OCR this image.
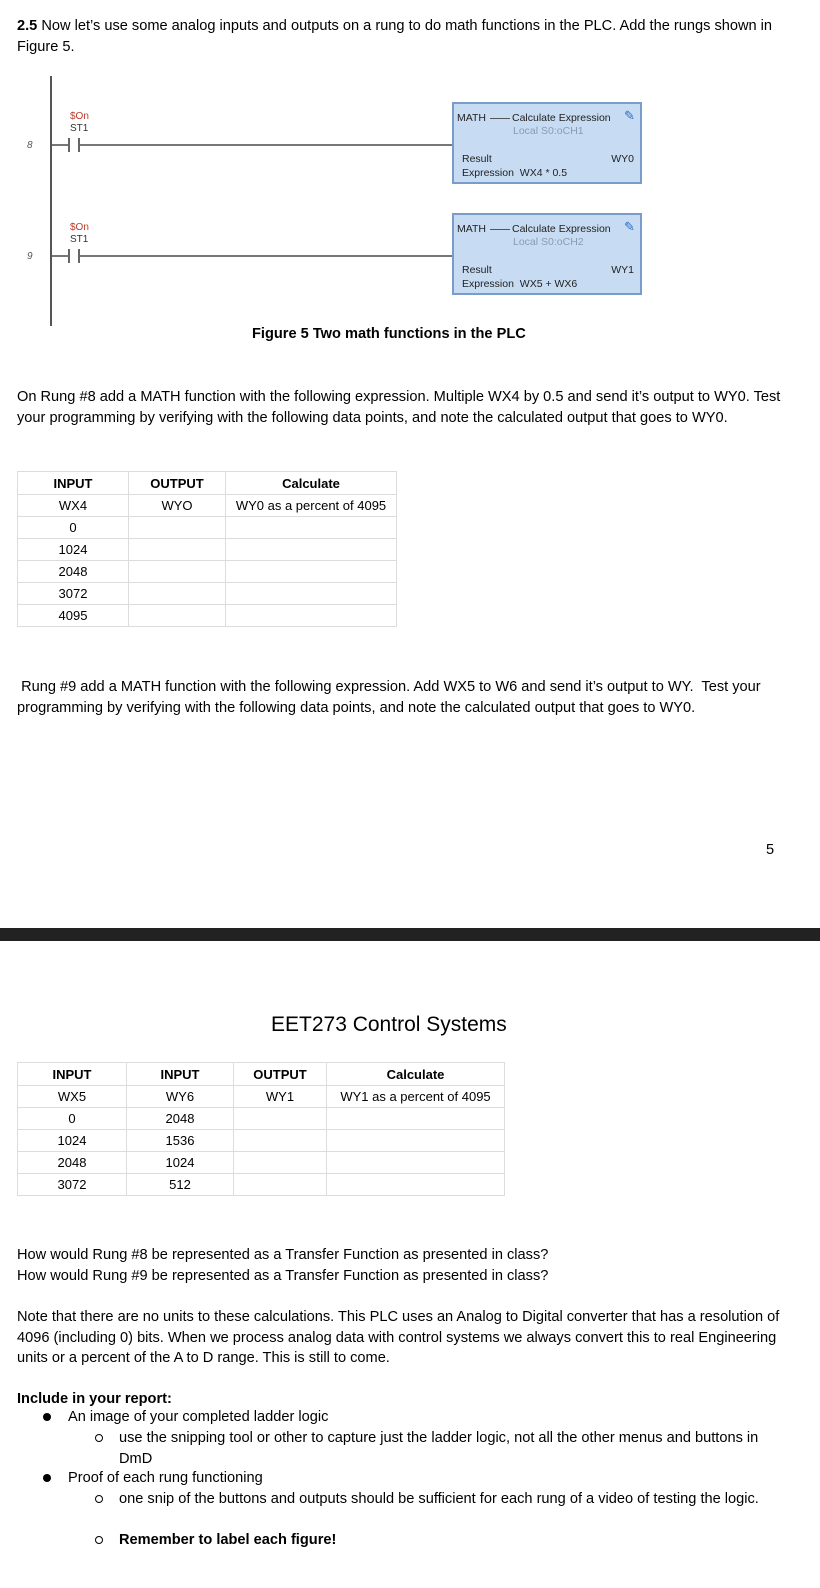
2.5 Now let’s use some analog inputs and outputs on a rung to do math functions in the PLC. Add the rungs shown in Figure 5.
8
$On
ST1
MATH Calculate Expression ✎
Local S0:oCH1
Result	WY0
Expression WX4 * 0.5
9
$On
ST1
MATH Calculate Expression ✎
Local S0:oCH2
Result	WY1
Expression WX5 + WX6
Figure 5 Two math functions in the PLC
On Rung #8 add a MATH function with the following expression. Multiple WX4 by 0.5 and send it’s output to WY0. Test your programming by verifying with the following data points, and note the calculated output that goes to WY0.
INPUT	OUTPUT	Calculate
WX4	WYO	WY0 as a percent of 4095
0		
1024		
2048		
3072		
4095		
Rung #9 add a MATH function with the following expression. Add WX5 to W6 and send it’s output to WY.  Test your programming by verifying with the following data points, and note the calculated output that goes to WY0.
5
EET273 Control Systems
INPUT	INPUT	OUTPUT	Calculate
WX5	WY6	WY1	WY1 as a percent of 4095
0	2048		
1024	1536		
2048	1024		
3072	512		
How would Rung #8 be represented as a Transfer Function as presented in class?
How would Rung #9 be represented as a Transfer Function as presented in class?
Note that there are no units to these calculations. This PLC uses an Analog to Digital converter that has a resolution of 4096 (including 0) bits. When we process analog data with control systems we always convert this to real Engineering units or a percent of the A to D range. This is still to come.
Include in your report:
An image of your completed ladder logic
use the snipping tool or other to capture just the ladder logic, not all the other menus and buttons in DmD
Proof of each rung functioning
one snip of the buttons and outputs should be sufficient for each rung of a video of testing the logic.
Remember to label each figure!
